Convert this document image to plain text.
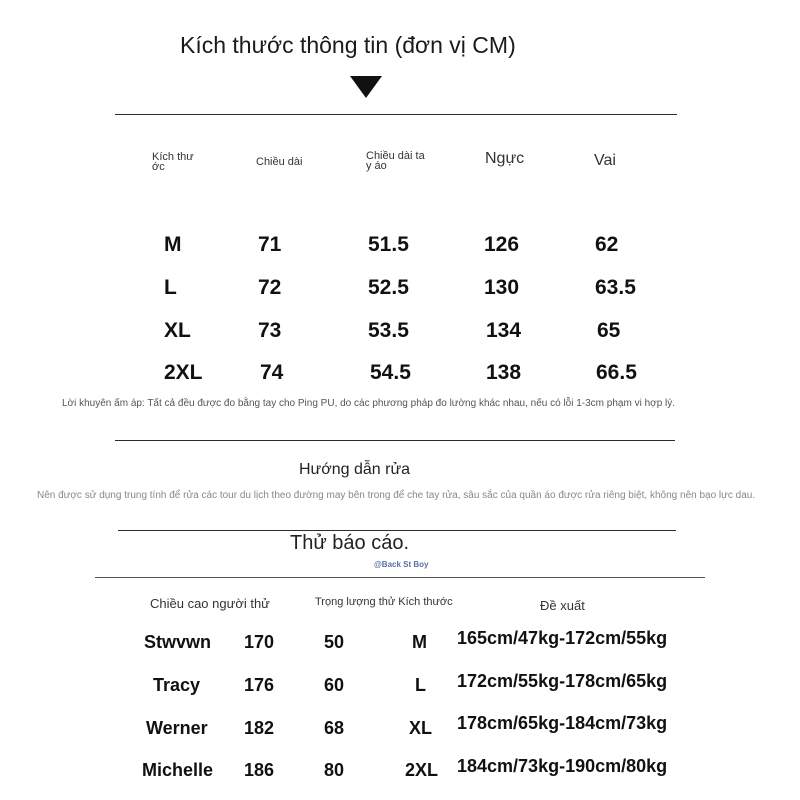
Kích thước thông tin (đơn vị CM)
Kích thư ớc	Chiều dài	Chiều dài ta y áo	Ngực	Vai
M	71	51.5	126	62
L	72	52.5	130	63.5
XL	73	53.5	134	65
2XL	74	54.5	138	66.5
Lời khuyên ấm áp: Tất cả đều được đo bằng tay cho Ping PU, do các phương pháp đo lường khác nhau, nếu có lỗi 1-3cm phạm vi hợp lý.
Hướng dẫn rửa
Nên được sử dụng trung tính để rửa các tour du lịch theo đường may bên trong để che tay rửa, sâu sắc của quần áo được rửa riêng biệt, không nên bạo lực dau.
Thử báo cáo.
@Back St Boy
Chiều cao người thử	Trọng lượng thử Kích thước	Đề xuất
Stwvwn 170	50	M 165cm/47kg-172cm/55kg
Tracy 176	60	L 172cm/55kg-178cm/65kg
Werner 182	68	XL 178cm/65kg-184cm/73kg
Michelle 186	80	2XL 184cm/73kg-190cm/80kg
